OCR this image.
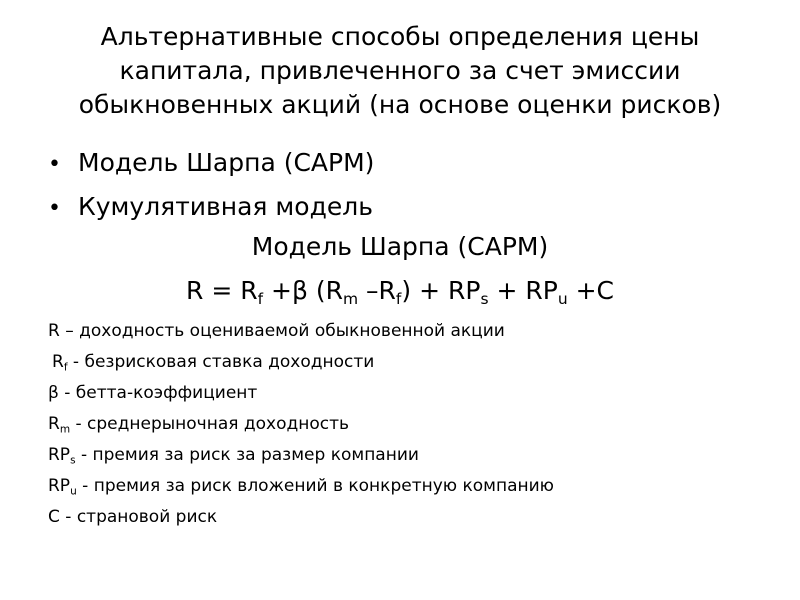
Альтернативные способы определения цены
капитала, привлеченного за счет эмиссии
обыкновенных акций (на основе оценки рисков)
• Модель Шарпа (САРМ)
• Кумулятивная модель
Модель Шарпа (САРМ)
$R = R_f +\beta$ ($R_m$ $-R_f) + RP_s + RP_u +C$
R – доходность оцениваемой обыкновенной акции
$R_f$ - безрисковая ставка доходности
β - бетта-коэффициент
$R_m$ - среднерыночная доходность
$RP_s$ - премия за риск за размер компании
$RP_u$ - премия за риск вложений в конкретную компанию
С - страновой риск
